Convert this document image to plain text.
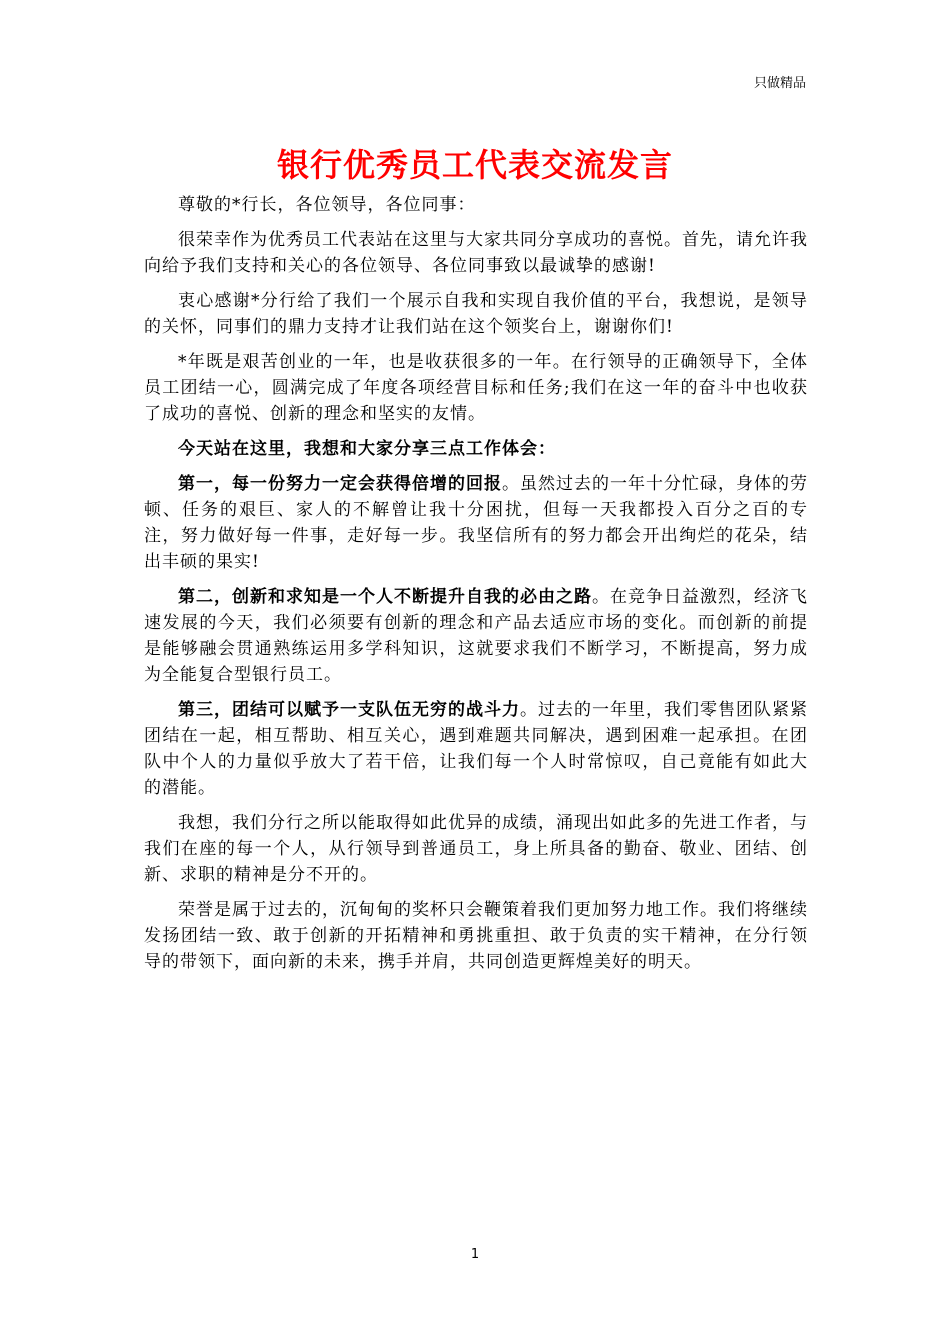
只做精品
银行优秀员工代表交流发言

尊敬的*行长，各位领导，各位同事：

很荣幸作为优秀员工代表站在这里与大家共同分享成功的喜悦。首先，请允许我向给予我们支持和关心的各位领导、各位同事致以最诚挚的感谢!

衷心感谢*分行给了我们一个展示自我和实现自我价值的平台，我想说，是领导的关怀，同事们的鼎力支持才让我们站在这个领奖台上，谢谢你们!

*年既是艰苦创业的一年，也是收获很多的一年。在行领导的正确领导下，全体员工团结一心，圆满完成了年度各项经营目标和任务;我们在这一年的奋斗中也收获了成功的喜悦、创新的理念和坚实的友情。

今天站在这里，我想和大家分享三点工作体会：

第一，每一份努力一定会获得倍增的回报。虽然过去的一年十分忙碌，身体的劳顿、任务的艰巨、家人的不解曾让我十分困扰，但每一天我都投入百分之百的专注，努力做好每一件事，走好每一步。我坚信所有的努力都会开出绚烂的花朵，结出丰硕的果实!

第二，创新和求知是一个人不断提升自我的必由之路。在竞争日益激烈，经济飞速发展的今天，我们必须要有创新的理念和产品去适应市场的变化。而创新的前提是能够融会贯通熟练运用多学科知识，这就要求我们不断学习，不断提高，努力成为全能复合型银行员工。

第三，团结可以赋予一支队伍无穷的战斗力。过去的一年里，我们零售团队紧紧团结在一起，相互帮助、相互关心，遇到难题共同解决，遇到困难一起承担。在团队中个人的力量似乎放大了若干倍，让我们每一个人时常惊叹，自己竟能有如此大的潜能。

我想，我们分行之所以能取得如此优异的成绩，涌现出如此多的先进工作者，与我们在座的每一个人，从行领导到普通员工，身上所具备的勤奋、敬业、团结、创新、求职的精神是分不开的。

荣誉是属于过去的，沉甸甸的奖杯只会鞭策着我们更加努力地工作。我们将继续发扬团结一致、敢于创新的开拓精神和勇挑重担、敢于负责的实干精神，在分行领导的带领下，面向新的未来，携手并肩，共同创造更辉煌美好的明天。

1
